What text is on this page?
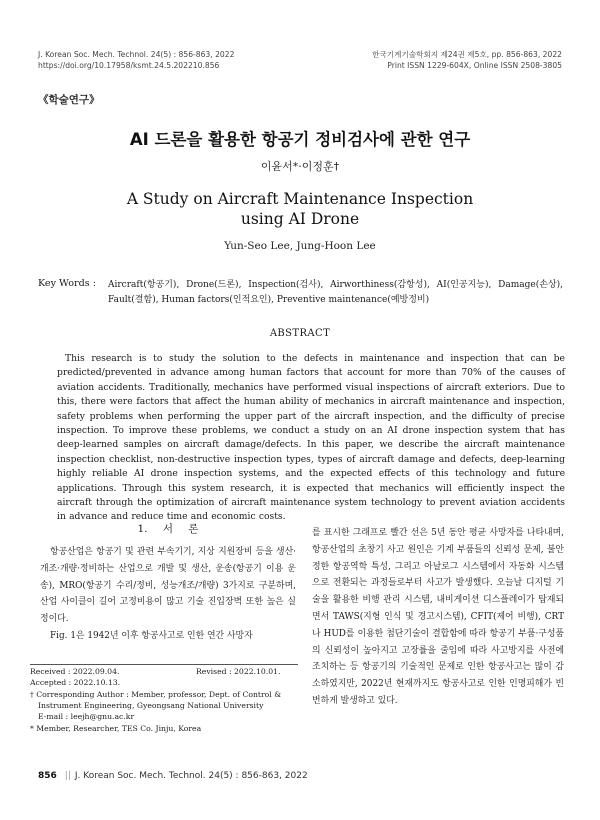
J. Korean Soc. Mech. Technol. 24(5) : 856-863, 2022
https://doi.org/10.17958/ksmt.24.5.202210.856
한국기계기술학회지 제24권 제5호, pp. 856-863, 2022
Print ISSN 1229-604X, Online ISSN 2508-3805
《학술연구》
AI 드론을 활용한 항공기 정비검사에 관한 연구
이윤서*·이정훈†
A Study on Aircraft Maintenance Inspection
using AI Drone
Yun-Seo Lee, Jung-Hoon Lee
Key Words : Aircraft(항공기), Drone(드론), Inspection(검사), Airworthiness(감항성), AI(인공지능), Damage(손상), Fault(결함), Human factors(인적요인), Preventive maintenance(예방정비)
ABSTRACT
This research is to study the solution to the defects in maintenance and inspection that can be predicted/prevented in advance among human factors that account for more than 70% of the causes of aviation accidents. Traditionally, mechanics have performed visual inspections of aircraft exteriors. Due to this, there were factors that affect the human ability of mechanics in aircraft maintenance and inspection, safety problems when performing the upper part of the aircraft inspection, and the difficulty of precise inspection. To improve these problems, we conduct a study on an AI drone inspection system that has deep-learned samples on aircraft damage/defects. In this paper, we describe the aircraft maintenance inspection checklist, non-destructive inspection types, types of aircraft damage and defects, deep-learning highly reliable AI drone inspection systems, and the expected effects of this technology and future applications. Through this system research, it is expected that mechanics will efficiently inspect the aircraft through the optimization of aircraft maintenance system technology to prevent aviation accidents in advance and reduce time and economic costs.
1. 서 론
항공산업은 항공기 및 관련 부속기기, 지상 지원장비 등을 생산·개조·개량·정비하는 산업으로 개발 및 생산, 운송(항공기 이용 운송), MRO(항공기 수리/정비, 성능개조/개량) 3가지로 구분하며, 산업 사이클이 길어 고정비용이 많고 기술 진입장벽 또한 높은 실정이다.
Fig. 1은 1942년 이후 항공사고로 인한 연간 사망자
를 표시한 그래프로 빨간 선은 5년 동안 평균 사망자를 나타내며, 항공산업의 초창기 사고 원인은 기계 부품들의 신뢰성 문제, 불안정한 항공역학 특성, 그리고 아날로그 시스템에서 자동화 시스템으로 전환되는 과정들로부터 사고가 발생했다. 오늘날 디지털 기술을 활용한 비행 관리 시스템, 내비게이션 디스플레이가 탑재되면서 TAWS(지형 인식 및 경고시스템), CFIT(제어 비행), CRT나 HUD를 이용한 첨단기술이 결합함에 따라 항공기 부품·구성품의 신뢰성이 높아지고 고장률을 줄임에 따라 사고방지를 사전에 조치하는 등 항공기의 기술적인 문제로 인한 항공사고는 많이 감소하였지만, 2022년 현재까지도 항공사고로 인한 인명피해가 빈번하게 발생하고 있다.
Received : 2022.09.04.	Revised : 2022.10.01.
Accepted : 2022.10.13.
† Corresponding Author : Member, professor, Dept. of Control & Instrument Engineering, Gyeongsang National University
E-mail : leejh@gnu.ac.kr
* Member, Researcher, TES Co. Jinju, Korea
856 || J. Korean Soc. Mech. Technol. 24(5) : 856-863, 2022
